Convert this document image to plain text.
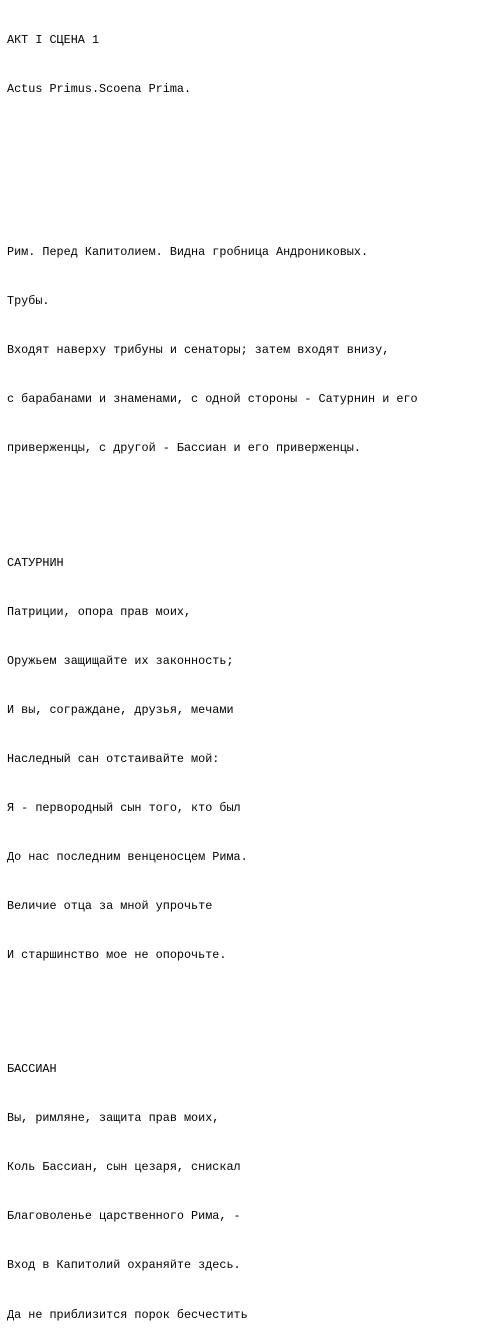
АКТ I СЦЕНА 1

Actus Primus.Scoena Prima.

Рим. Перед Капитолием. Видна гробница Андрониковых.

Трубы.

Входят наверху трибуны и сенаторы; затем входят внизу,

с барабанами и знаменами, с одной стороны - Сатурнин и его

приверженцы, с другой - Бассиан и его приверженцы.

САТУРНИН

Патриции, опора прав моих,

Оружьем защищайте их законность;

И вы, сограждане, друзья, мечами

Наследный сан отстаивайте мой:

Я - первородный сын того, кто был

До нас последним венценосцем Рима.

Величие отца за мной упрочьте

И старшинство мое не опорочьте.

БАССИАН

Вы, римляне, защита прав моих,

Коль Бассиан, сын цезаря, снискал

Благоволенье царственного Рима, -

Вход в Капитолий охраняйте здесь.

Да не приблизится порок бесчестить
